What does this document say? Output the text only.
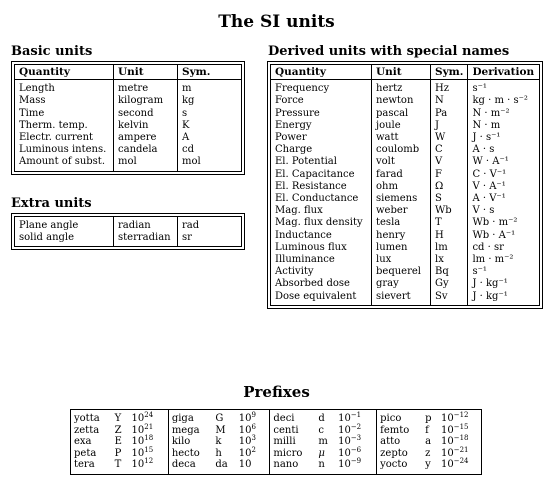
The SI units
Basic units
Quantity	Unit	Sym.
Length	metre	m
Mass	kilogram	kg
Time	second	s
Therm. temp.	kelvin	K
Electr. current	ampere	A
Luminous intens.	candela	cd
Amount of subst.	mol	mol
Extra units
Plane angle	radian	rad
solid angle	sterradian	sr
Derived units with special names
Quantity	Unit	Sym.	Derivation
Frequency	hertz	Hz	s⁻¹
Force	newton	N	kg · m · s⁻²
Pressure	pascal	Pa	N · m⁻²
Energy	joule	J	N · m
Power	watt	W	J · s⁻¹
Charge	coulomb	C	A · s
El. Potential	volt	V	W · A⁻¹
El. Capacitance	farad	F	C · V⁻¹
El. Resistance	ohm	Ω	V · A⁻¹
El. Conductance	siemens	S	A · V⁻¹
Mag. flux	weber	Wb	V · s
Mag. flux density	tesla	T	Wb · m⁻²
Inductance	henry	H	Wb · A⁻¹
Luminous flux	lumen	lm	cd · sr
Illuminance	lux	lx	lm · m⁻²
Activity	bequerel	Bq	s⁻¹
Absorbed dose	gray	Gy	J · kg⁻¹
Dose equivalent	sievert	Sv	J · kg⁻¹
Prefixes
yotta	Y	$10^{24}$	giga	G	$10^9$	deci	d	$10^{-1}$	pico	p	$10^{-12}$
zetta	Z	$10^{21}$	mega	M	$10^6$	centi	c	$10^{-2}$	femto	f	$10^{-15}$
exa	E	$10^{18}$	kilo	k	$10^3$	milli	m	$10^{-3}$	atto	a	$10^{-18}$
peta	P	$10^{15}$	hecto	h	$10^2$	micro	μ	$10^{-6}$	zepto	z	$10^{-21}$
tera	T	$10^{12}$	deca	da	10	nano	n	$10^{-9}$	yocto	y	$10^{-24}$
